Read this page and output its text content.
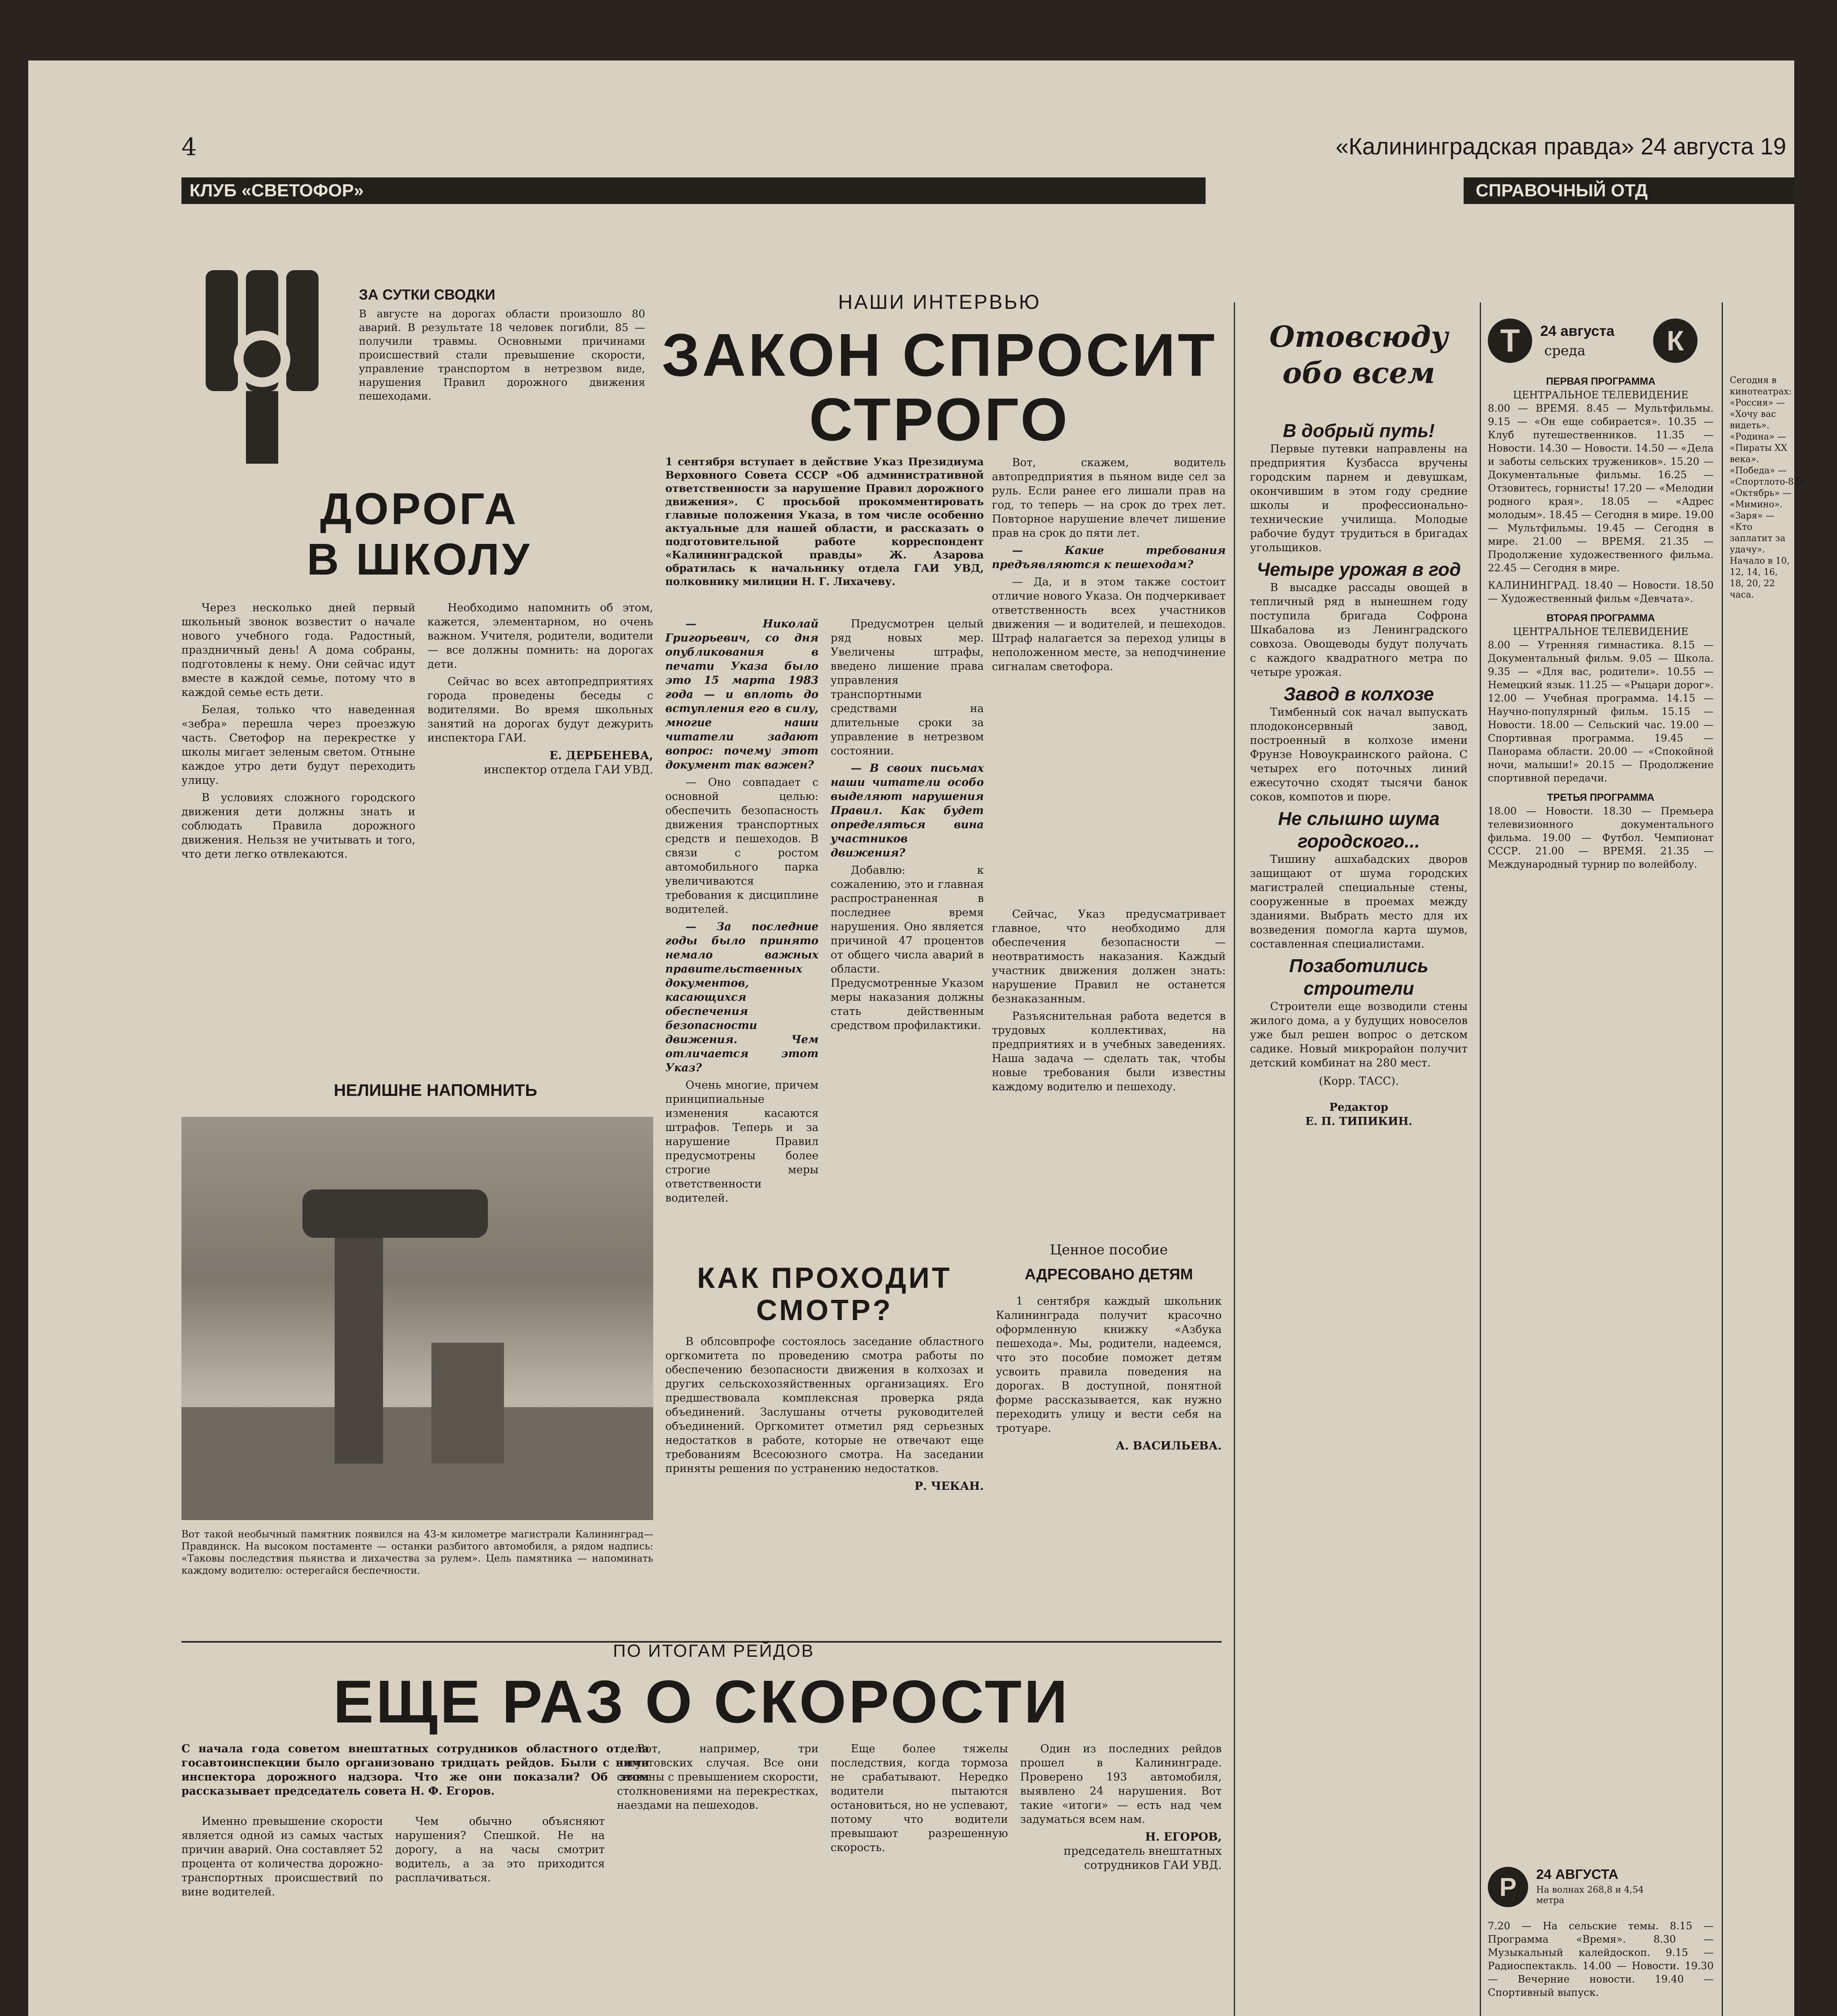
4	«Калининградская правда» 24 августа 19
КЛУБ «СВЕТОФОР»	СПРАВОЧНЫЙ ОТД
ЗА СУТКИ СВОДКИ
В августе на дорогах области произошло 80 аварий. В результате 18 человек погибли, 85 — получили травмы. Основными причинами происшествий стали превышение скорости, управление транспортом в нетрезвом виде, нарушения Правил дорожного движения пешеходами.
ДОРОГА
В ШКОЛУ

Через несколько дней первый школьный звонок возвестит о начале нового учебного года. Радостный, праздничный день! А дома собраны, подготовлены к нему. Они сейчас идут вместе в каждой семье, потому что в каждой семье есть дети.

Белая, только что наведенная «зебра» перешла через проезжую часть. Светофор на перекрестке у школы мигает зеленым светом. Отныне каждое утро дети будут переходить улицу.

В условиях сложного городского движения дети должны знать и соблюдать Правила дорожного движения. Нельзя не учитывать и того, что дети легко отвлекаются.

Необходимо напомнить об этом, кажется, элементарном, но очень важном. Учителя, родители, водители — все должны помнить: на дорогах дети.

Сейчас во всех автопредприятиях города проведены беседы с водителями. Во время школьных занятий на дорогах будут дежурить инспектора ГАИ.

Е. ДЕРБЕНЕВА,
инспектор отдела ГАИ УВД.
НЕЛИШНЕ НАПОМНИТЬ
Вот такой необычный памятник появился на 43-м километре магистрали Калининград—Правдинск. На высоком постаменте — останки разбитого автомобиля, а рядом надпись: «Таковы последствия пьянства и лихачества за рулем». Цель памятника — напоминать каждому водителю: остерегайся беспечности.
НАШИ ИНТЕРВЬЮ
ЗАКОН СПРОСИТ
СТРОГО
1 сентября вступает в действие Указ Президиума Верховного Совета СССР «Об административной ответственности за нарушение Правил дорожного движения». С просьбой прокомментировать главные положения Указа, в том числе особенно актуальные для нашей области, и рассказать о подготовительной работе корреспондент «Калининградской правды» Ж. Азарова обратилась к начальнику отдела ГАИ УВД, полковнику милиции Н. Г. Лихачеву.

Вот, скажем, водитель автопредприятия в пьяном виде сел за руль. Если ранее его лишали прав на год, то теперь — на срок до трех лет. Повторное нарушение влечет лишение прав на срок до пяти лет.

— Какие требования предъявляются к пешеходам?

— Да, и в этом также состоит отличие нового Указа. Он подчеркивает ответственность всех участников движения — и водителей, и пешеходов. Штраф налагается за переход улицы в неположенном месте, за неподчинение сигналам светофора.

— Николай Григорьевич, со дня опубликования в печати Указа было это 15 марта 1983 года — и вплоть до вступления его в силу, многие наши читатели задают вопрос: почему этот документ так важен?

— Оно совпадает с основной целью: обеспечить безопасность движения транспортных средств и пешеходов. В связи с ростом автомобильного парка увеличиваются требования к дисциплине водителей.

— За последние годы было принято немало важных правительственных документов, касающихся обеспечения безопасности движения. Чем отличается этот Указ?

Очень многие, причем принципиальные изменения касаются штрафов. Теперь и за нарушение Правил предусмотрены более строгие меры ответственности водителей.

Предусмотрен целый ряд новых мер. Увеличены штрафы, введено лишение права управления транспортными средствами на длительные сроки за управление в нетрезвом состоянии.

— В своих письмах наши читатели особо выделяют нарушения Правил. Как будет определяться вина участников движения?

Добавлю: к сожалению, это и главная распространенная в последнее время нарушения. Оно является причиной 47 процентов от общего числа аварий в области. Предусмотренные Указом меры наказания должны стать действенным средством профилактики.

Сейчас, Указ предусматривает главное, что необходимо для обеспечения безопасности — неотвратимость наказания. Каждый участник движения должен знать: нарушение Правил не останется безнаказанным.

Разъяснительная работа ведется в трудовых коллективах, на предприятиях и в учебных заведениях. Наша задача — сделать так, чтобы новые требования были известны каждому водителю и пешеходу.

КАК ПРОХОДИТ
СМОТР?

В облсовпрофе состоялось заседание областного оргкомитета по проведению смотра работы по обеспечению безопасности движения в колхозах и других сельскохозяйственных организациях. Его предшествовала комплексная проверка ряда объединений. Заслушаны отчеты руководителей объединений. Оргкомитет отметил ряд серьезных недостатков в работе, которые не отвечают еще требованиям Всесоюзного смотра. На заседании приняты решения по устранению недостатков.

Р. ЧЕКАН.
Ценное пособие
АДРЕСОВАНО ДЕТЯМ

1 сентября каждый школьник Калининграда получит красочно оформленную книжку «Азбука пешехода». Мы, родители, надеемся, что это пособие поможет детям усвоить правила поведения на дорогах. В доступной, понятной форме рассказывается, как нужно переходить улицу и вести себя на тротуаре.

А. ВАСИЛЬЕВА.
ПО ИТОГАМ РЕЙДОВ
ЕЩЕ РАЗ О СКОРОСТИ
С начала года советом внештатных сотрудников областного отдела госавтоинспекции было организовано тридцать рейдов. Были с ними инспектора дорожного надзора. Что же они показали? Об этом рассказывает председатель совета Н. Ф. Егоров.

Именно превышение скорости является одной из самых частых причин аварий. Она составляет 52 процента от количества дорожно-транспортных происшествий по вине водителей.

Чем обычно объясняют нарушения? Спешкой. Не на дорогу, а на часы смотрит водитель, а за это приходится расплачиваться.

Вот, например, три августовских случая. Все они связаны с превышением скорости, столкновениями на перекрестках, наездами на пешеходов.

Еще более тяжелы последствия, когда тормоза не срабатывают. Нередко водители пытаются остановиться, но не успевают, потому что водители превышают разрешенную скорость.

Один из последних рейдов прошел в Калининграде. Проверено 193 автомобиля, выявлено 24 нарушения. Вот такие «итоги» — есть над чем задуматься всем нам.

Н. ЕГОРОВ,
председатель внештатных сотрудников ГАИ УВД.
Отовсюду
обо всем
В добрый путь!

Первые путевки направлены на предприятия Кузбасса вручены городским парнем и девушкам, окончившим в этом году средние школы и профессионально-технические училища. Молодые рабочие будут трудиться в бригадах угольщиков.

Четыре урожая в год

В высадке рассады овощей в тепличный ряд в нынешнем году поступила бригада Софрона Шкабалова из Ленинградского совхоза. Овощеводы будут получать с каждого квадратного метра по четыре урожая.

Завод в колхозе

Тимбенный сок начал выпускать плодоконсервный завод, построенный в колхозе имени Фрунзе Новоукраинского района. С четырех его поточных линий ежесуточно сходят тысячи банок соков, компотов и пюре.

Не слышно шума городского...

Тишину ашхабадских дворов защищают от шума городских магистралей специальные стены, сооруженные в проемах между зданиями. Выбрать место для их возведения помогла карта шумов, составленная специалистами.

Позаботились строители

Строители еще возводили стены жилого дома, а у будущих новоселов уже был решен вопрос о детском садике. Новый микрорайон получит детский комбинат на 280 мест.

(Корр. ТАСС).
Редактор
Е. П. ТИПИКИН.
Т	24 августа
среда	К
ПЕРВАЯ ПРОГРАММА
ЦЕНТРАЛЬНОЕ ТЕЛЕВИДЕНИЕ
8.00 — ВРЕМЯ. 8.45 — Мультфильмы. 9.15 — «Он еще собирается». 10.35 — Клуб путешественников. 11.35 — Новости. 14.30 — Новости. 14.50 — «Дела и заботы сельских тружеников». 15.20 — Документальные фильмы. 16.25 — Отзовитесь, горнисты! 17.20 — «Мелодии родного края». 18.05 — «Адрес молодым». 18.45 — Сегодня в мире. 19.00 — Мультфильмы. 19.45 — Сегодня в мире. 21.00 — ВРЕМЯ. 21.35 — Продолжение художественного фильма. 22.45 — Сегодня в мире.
КАЛИНИНГРАД. 18.40 — Новости. 18.50 — Художественный фильм «Девчата».
ВТОРАЯ ПРОГРАММА
ЦЕНТРАЛЬНОЕ ТЕЛЕВИДЕНИЕ
8.00 — Утренняя гимнастика. 8.15 — Документальный фильм. 9.05 — Школа. 9.35 — «Для вас, родители». 10.55 — Немецкий язык. 11.25 — «Рыцари дорог». 12.00 — Учебная программа. 14.15 — Научно-популярный фильм. 15.15 — Новости. 18.00 — Сельский час. 19.00 — Спортивная программа. 19.45 — Панорама области. 20.00 — «Спокойной ночи, малыши!» 20.15 — Продолжение спортивной передачи.
ТРЕТЬЯ ПРОГРАММА
18.00 — Новости. 18.30 — Премьера телевизионного документального фильма. 19.00 — Футбол. Чемпионат СССР. 21.00 — ВРЕМЯ. 21.35 — Международный турнир по волейболу.
Р	24 АВГУСТА
На волнах 268,8 и 4,54 метра
7.20 — На сельские темы. 8.15 — Программа «Время». 8.30 — Музыкальный калейдоскоп. 9.15 — Радиоспектакль. 14.00 — Новости. 19.30 — Вечерние новости. 19.40 — Спортивный выпуск.
Сегодня в кинотеатрах: «Россия» — «Хочу вас видеть». «Родина» — «Пираты XX века». «Победа» — «Спортлото-82». «Октябрь» — «Мимино». «Заря» — «Кто заплатит за удачу». Начало в 10, 12, 14, 16, 18, 20, 22 часа.
